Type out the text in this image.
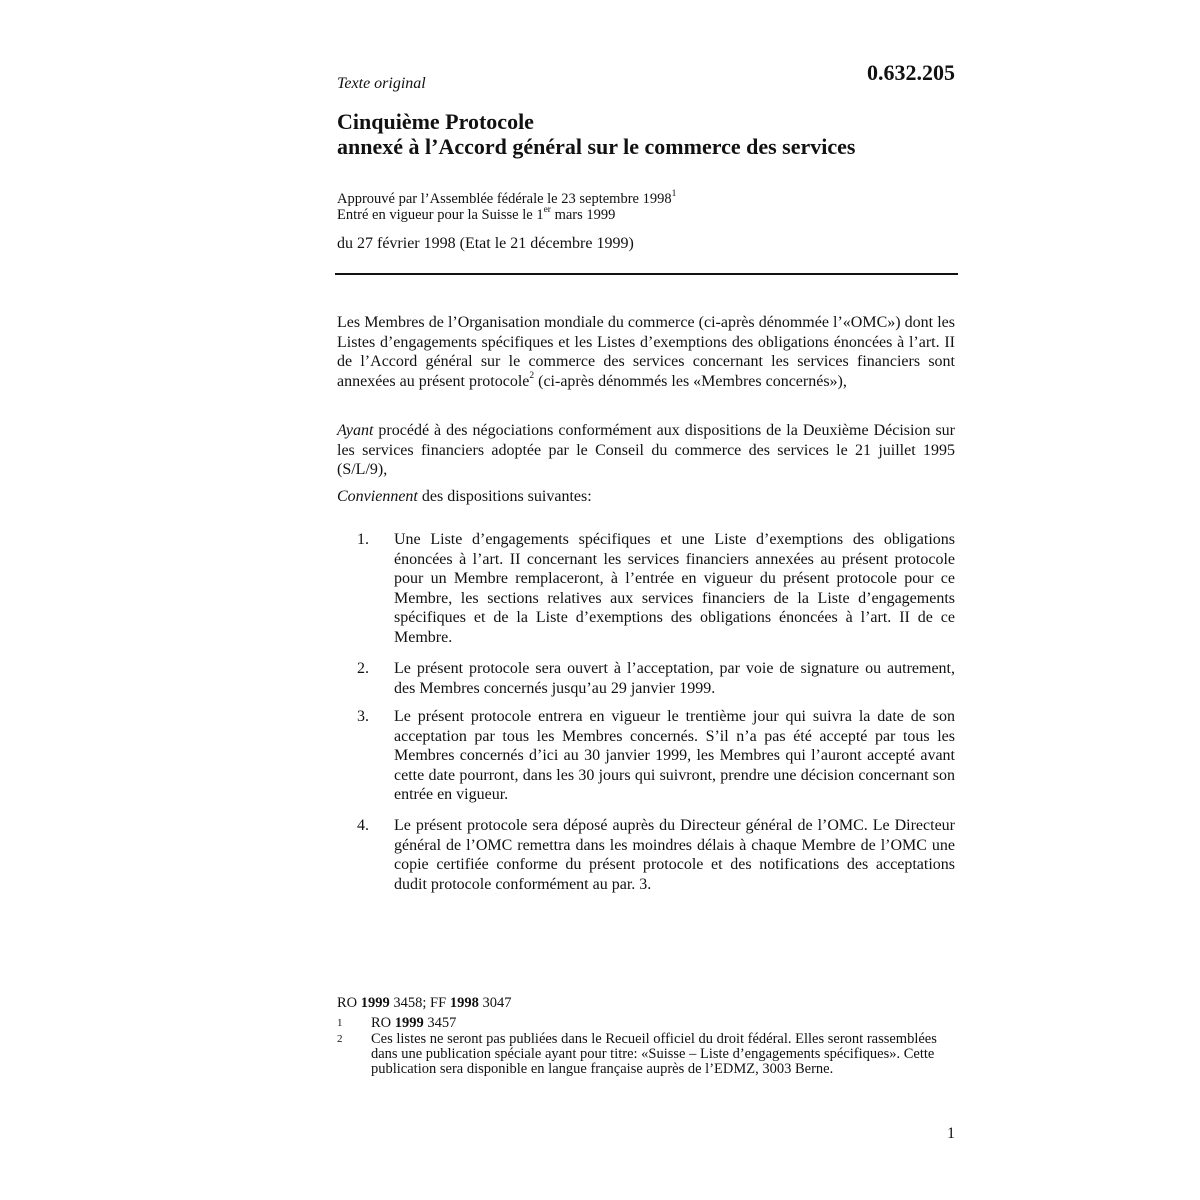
Texte original	0.632.205
Cinquième Protocole
annexé à l’Accord général sur le commerce des services
Approuvé par l’Assemblée fédérale le 23 septembre 1998$^1$
Entré en vigueur pour la Suisse le 1er mars 1999
du 27 février 1998 (Etat le 21 décembre 1999)
Les Membres de l’Organisation mondiale du commerce (ci-après dénommée l’«OMC») dont les Listes d’engagements spécifiques et les Listes d’exemptions des obligations énoncées à l’art. II de l’Accord général sur le commerce des services concernant les services financiers sont annexées au présent protocole$^2$ (ci-après dénommés les «Membres concernés»),
Ayant procédé à des négociations conformément aux dispositions de la Deuxième Décision sur les services financiers adoptée par le Conseil du commerce des services le 21 juillet 1995 (S/L/9),
Conviennent des dispositions suivantes:
1.	Une Liste d’engagements spécifiques et une Liste d’exemptions des obligations énoncées à l’art. II concernant les services financiers annexées au présent protocole pour un Membre remplaceront, à l’entrée en vigueur du présent protocole pour ce Membre, les sections relatives aux services financiers de la Liste d’engagements spécifiques et de la Liste d’exemptions des obligations énoncées à l’art. II de ce Membre.
2.	Le présent protocole sera ouvert à l’acceptation, par voie de signature ou autrement, des Membres concernés jusqu’au 29 janvier 1999.
3.	Le présent protocole entrera en vigueur le trentième jour qui suivra la date de son acceptation par tous les Membres concernés. S’il n’a pas été accepté par tous les Membres concernés d’ici au 30 janvier 1999, les Membres qui l’auront accepté avant cette date pourront, dans les 30 jours qui suivront, prendre une décision concernant son entrée en vigueur.
4.	Le présent protocole sera déposé auprès du Directeur général de l’OMC. Le Directeur général de l’OMC remettra dans les moindres délais à chaque Membre de l’OMC une copie certifiée conforme du présent protocole et des notifications des acceptations dudit protocole conformément au par. 3.
RO 1999 3458; FF 1998 3047
1 RO 1999 3457
2 Ces listes ne seront pas publiées dans le Recueil officiel du droit fédéral. Elles seront rassemblées dans une publication spéciale ayant pour titre: «Suisse – Liste d’engagements spécifiques». Cette publication sera disponible en langue française auprès de l’EDMZ, 3003 Berne.
1
